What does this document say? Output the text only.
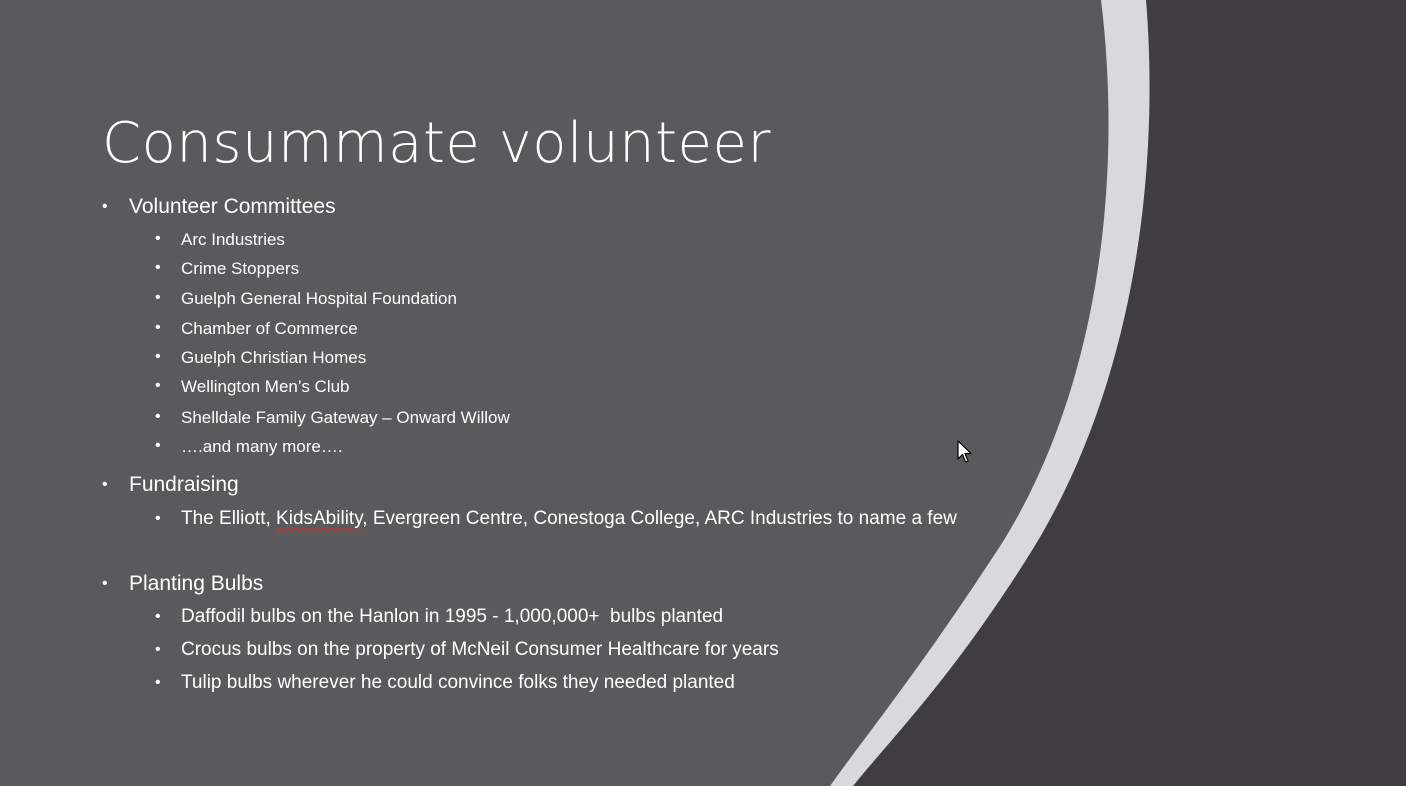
Consummate volunteer
• Volunteer Committees
• Arc Industries
• Crime Stoppers
• Guelph General Hospital Foundation
• Chamber of Commerce
• Guelph Christian Homes
• Wellington Men’s Club
• Shelldale Family Gateway – Onward Willow
• ….and many more….
• Fundraising
• The Elliott, KidsAbility, Evergreen Centre, Conestoga College, ARC Industries to name a few
• Planting Bulbs
• Daffodil bulbs on the Hanlon in 1995 - 1,000,000+  bulbs planted
• Crocus bulbs on the property of McNeil Consumer Healthcare for years
• Tulip bulbs wherever he could convince folks they needed planted
